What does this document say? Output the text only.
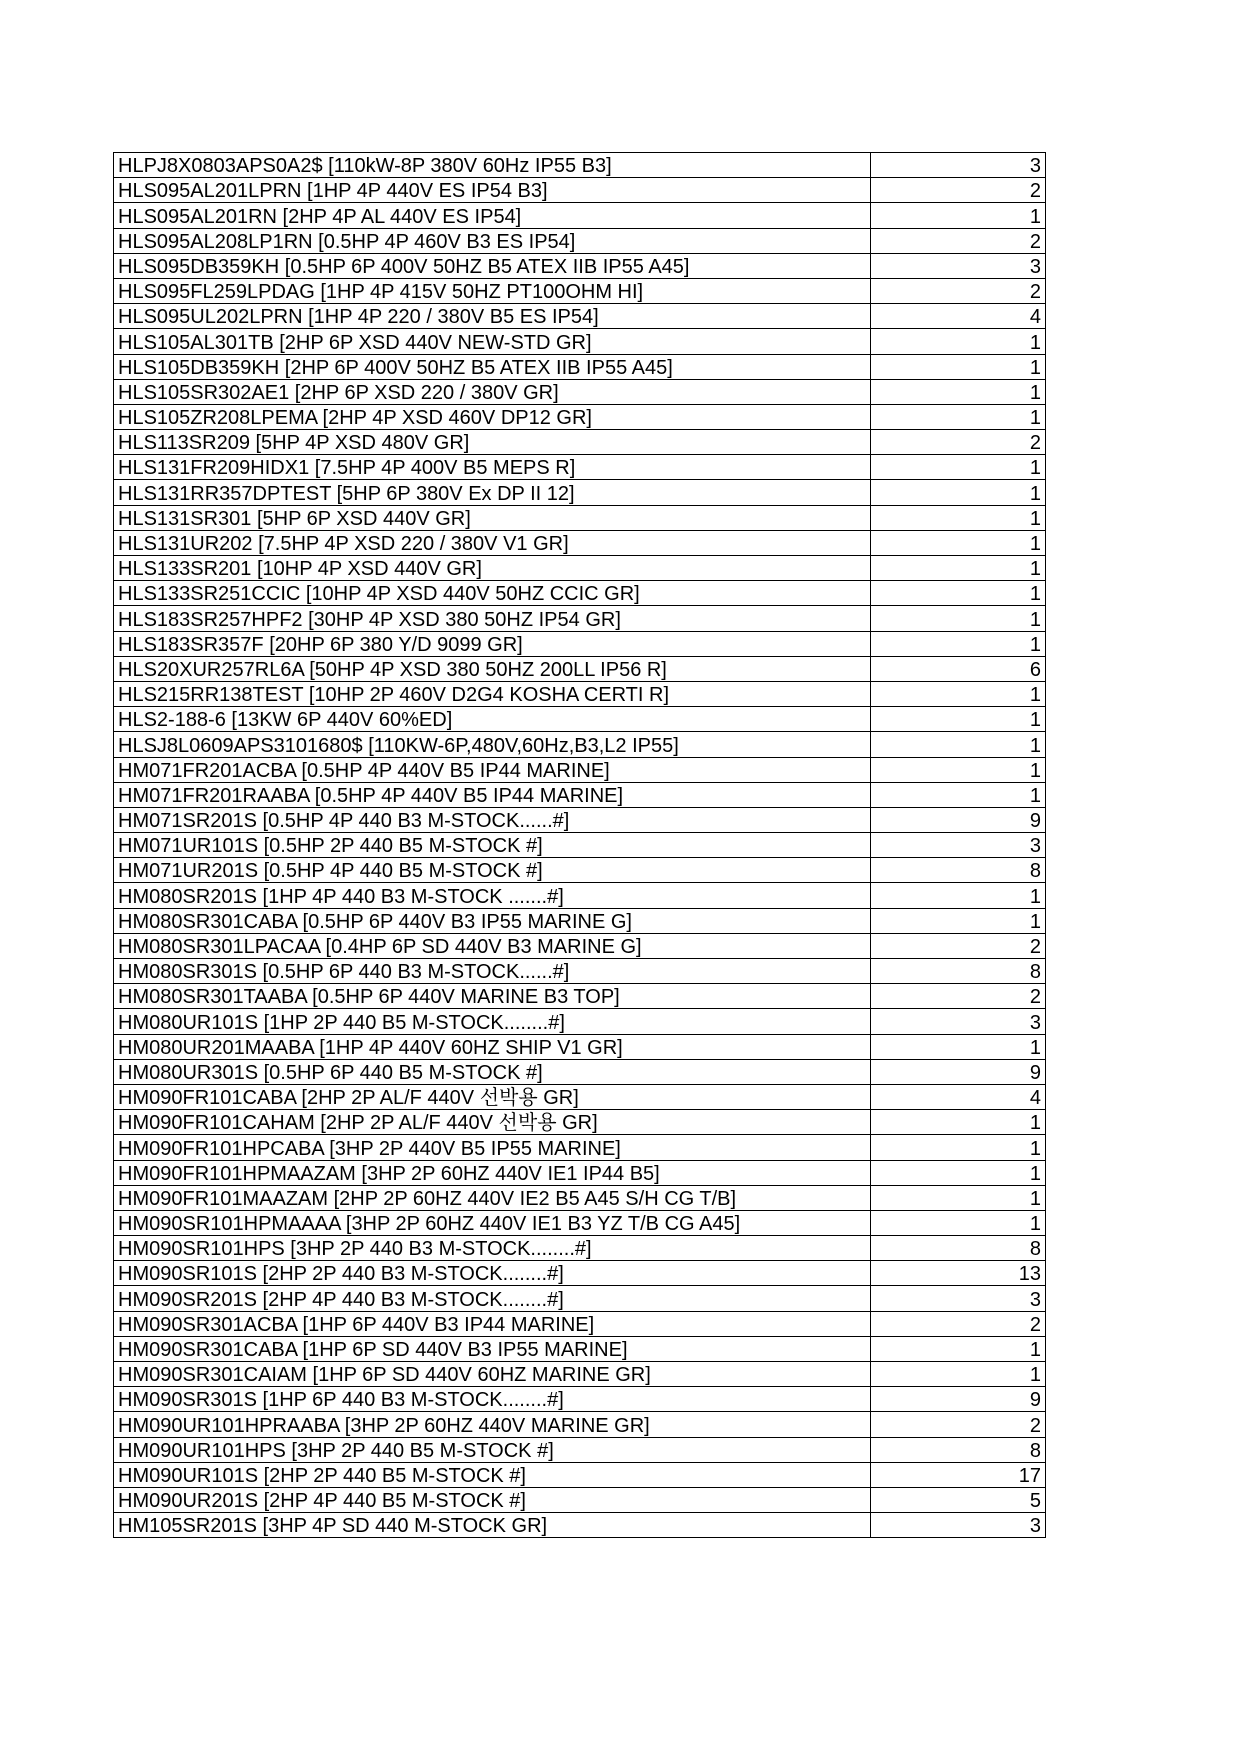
HLPJ8X0803APS0A2$ [110kW-8P 380V 60Hz IP55 B3]	3
HLS095AL201LPRN [1HP 4P 440V ES IP54 B3]	2
HLS095AL201RN [2HP 4P AL 440V ES IP54]	1
HLS095AL208LP1RN [0.5HP 4P 460V B3 ES IP54]	2
HLS095DB359KH [0.5HP 6P 400V 50HZ B5 ATEX IIB IP55 A45]	3
HLS095FL259LPDAG [1HP 4P 415V 50HZ PT100OHM HI]	2
HLS095UL202LPRN [1HP 4P 220 / 380V B5 ES IP54]	4
HLS105AL301TB [2HP 6P XSD 440V NEW-STD GR]	1
HLS105DB359KH [2HP 6P 400V 50HZ B5 ATEX IIB IP55 A45]	1
HLS105SR302AE1 [2HP 6P XSD 220 / 380V GR]	1
HLS105ZR208LPEMA [2HP 4P XSD 460V DP12 GR]	1
HLS113SR209 [5HP 4P XSD 480V GR]	2
HLS131FR209HIDX1 [7.5HP 4P 400V B5 MEPS R]	1
HLS131RR357DPTEST [5HP 6P 380V Ex DP II 12]	1
HLS131SR301 [5HP 6P XSD 440V GR]	1
HLS131UR202 [7.5HP 4P XSD 220 / 380V V1 GR]	1
HLS133SR201 [10HP 4P XSD 440V GR]	1
HLS133SR251CCIC [10HP 4P XSD 440V 50HZ CCIC GR]	1
HLS183SR257HPF2 [30HP 4P XSD 380 50HZ IP54 GR]	1
HLS183SR357F [20HP 6P 380 Y/D 9099 GR]	1
HLS20XUR257RL6A [50HP 4P XSD 380 50HZ 200LL IP56 R]	6
HLS215RR138TEST [10HP 2P 460V D2G4 KOSHA CERTI R]	1
HLS2-188-6 [13KW 6P 440V 60%ED]	1
HLSJ8L0609APS3101680$ [110KW-6P,480V,60Hz,B3,L2 IP55]	1
HM071FR201ACBA [0.5HP 4P 440V B5 IP44 MARINE]	1
HM071FR201RAABA [0.5HP 4P 440V B5 IP44 MARINE]	1
HM071SR201S [0.5HP 4P 440 B3 M-STOCK......#]	9
HM071UR101S [0.5HP 2P 440 B5 M-STOCK #]	3
HM071UR201S [0.5HP 4P 440 B5 M-STOCK #]	8
HM080SR201S [1HP 4P 440 B3 M-STOCK .......#]	1
HM080SR301CABA [0.5HP 6P 440V B3 IP55 MARINE G]	1
HM080SR301LPACAA [0.4HP 6P SD 440V B3 MARINE G]	2
HM080SR301S [0.5HP 6P 440 B3 M-STOCK......#]	8
HM080SR301TAABA [0.5HP 6P 440V MARINE B3 TOP]	2
HM080UR101S [1HP 2P 440 B5 M-STOCK........#]	3
HM080UR201MAABA [1HP 4P 440V 60HZ SHIP V1 GR]	1
HM080UR301S [0.5HP 6P 440 B5 M-STOCK #]	9
HM090FR101CABA [2HP 2P AL/F 440V 선박용 GR]	4
HM090FR101CAHAM [2HP 2P AL/F 440V 선박용 GR]	1
HM090FR101HPCABA [3HP 2P 440V B5 IP55 MARINE]	1
HM090FR101HPMAAZAM [3HP 2P 60HZ 440V IE1 IP44 B5]	1
HM090FR101MAAZAM [2HP 2P 60HZ 440V IE2 B5 A45 S/H CG T/B]	1
HM090SR101HPMAAAA [3HP 2P 60HZ 440V IE1 B3 YZ T/B CG A45]	1
HM090SR101HPS [3HP 2P 440 B3 M-STOCK........#]	8
HM090SR101S [2HP 2P 440 B3 M-STOCK........#]	13
HM090SR201S [2HP 4P 440 B3 M-STOCK........#]	3
HM090SR301ACBA [1HP 6P 440V B3 IP44 MARINE]	2
HM090SR301CABA [1HP 6P SD 440V B3 IP55 MARINE]	1
HM090SR301CAIAM [1HP 6P SD 440V 60HZ MARINE GR]	1
HM090SR301S [1HP 6P 440 B3 M-STOCK........#]	9
HM090UR101HPRAABA [3HP 2P 60HZ 440V MARINE GR]	2
HM090UR101HPS [3HP 2P 440 B5 M-STOCK #]	8
HM090UR101S [2HP 2P 440 B5 M-STOCK #]	17
HM090UR201S [2HP 4P 440 B5 M-STOCK #]	5
HM105SR201S [3HP 4P SD 440 M-STOCK GR]	3
